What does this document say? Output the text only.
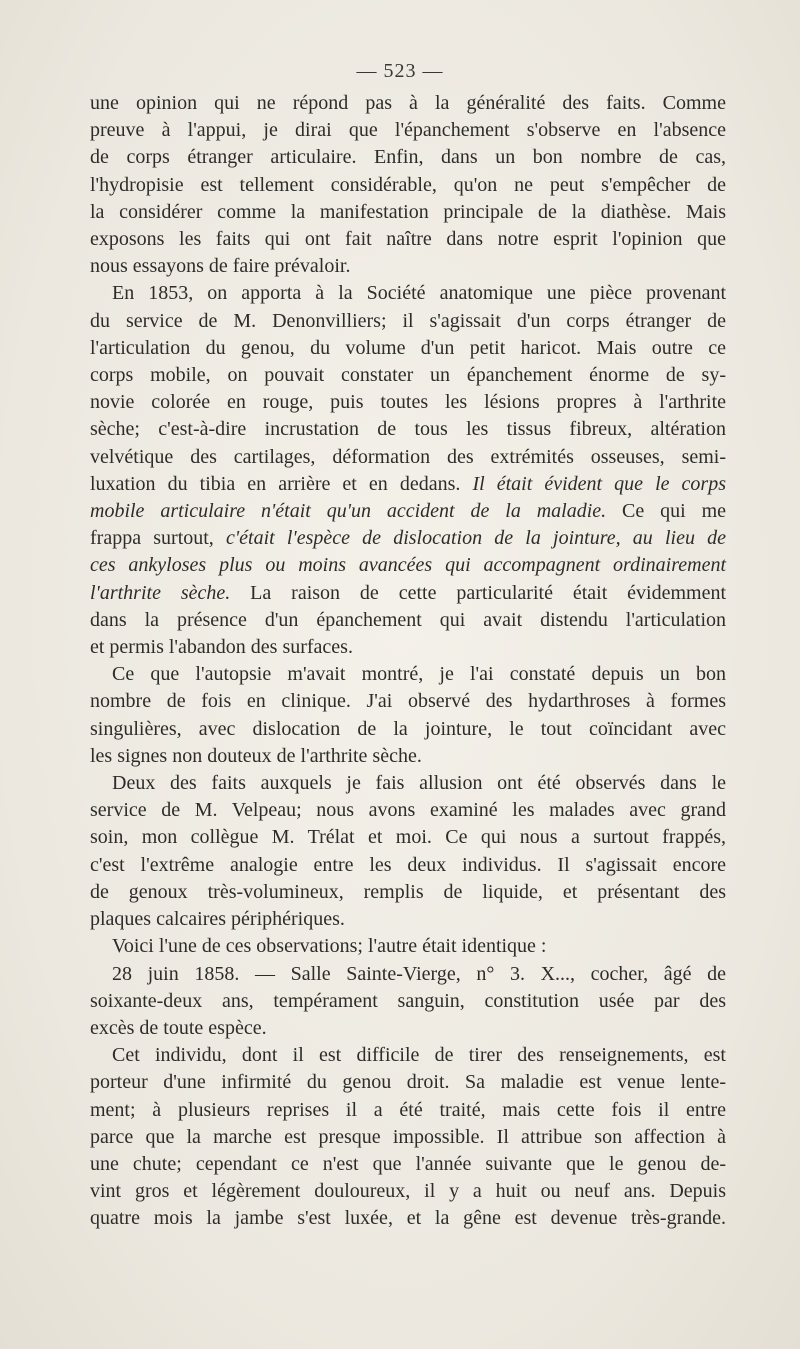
— 523 —

une opinion qui ne répond pas à la généralité des faits. Comme

preuve à l'appui, je dirai que l'épanchement s'observe en l'absence

de corps étranger articulaire. Enfin, dans un bon nombre de cas,

l'hydropisie est tellement considérable, qu'on ne peut s'empêcher de

la considérer comme la manifestation principale de la diathèse. Mais

exposons les faits qui ont fait naître dans notre esprit l'opinion que

nous essayons de faire prévaloir.

En 1853, on apporta à la Société anatomique une pièce provenant

du service de M. Denonvilliers; il s'agissait d'un corps étranger de

l'articulation du genou, du volume d'un petit haricot. Mais outre ce

corps mobile, on pouvait constater un épanchement énorme de sy-

novie colorée en rouge, puis toutes les lésions propres à l'arthrite

sèche; c'est-à-dire incrustation de tous les tissus fibreux, altération

velvétique des cartilages, déformation des extrémités osseuses, semi-

luxation du tibia en arrière et en dedans. Il était évident que le corps

mobile articulaire n'était qu'un accident de la maladie. Ce qui me

frappa surtout, c'était l'espèce de dislocation de la jointure, au lieu de

ces ankyloses plus ou moins avancées qui accompagnent ordinairement

l'arthrite sèche. La raison de cette particularité était évidemment

dans la présence d'un épanchement qui avait distendu l'articulation

et permis l'abandon des surfaces.

Ce que l'autopsie m'avait montré, je l'ai constaté depuis un bon

nombre de fois en clinique. J'ai observé des hydarthroses à formes

singulières, avec dislocation de la jointure, le tout coïncidant avec

les signes non douteux de l'arthrite sèche.

Deux des faits auxquels je fais allusion ont été observés dans le

service de M. Velpeau; nous avons examiné les malades avec grand

soin, mon collègue M. Trélat et moi. Ce qui nous a surtout frappés,

c'est l'extrême analogie entre les deux individus. Il s'agissait encore

de genoux très-volumineux, remplis de liquide, et présentant des

plaques calcaires périphériques.

Voici l'une de ces observations; l'autre était identique :

28 juin 1858. — Salle Sainte-Vierge, n° 3. X..., cocher, âgé de

soixante-deux ans, tempérament sanguin, constitution usée par des

excès de toute espèce.

Cet individu, dont il est difficile de tirer des renseignements, est

porteur d'une infirmité du genou droit. Sa maladie est venue lente-

ment; à plusieurs reprises il a été traité, mais cette fois il entre

parce que la marche est presque impossible. Il attribue son affection à

une chute; cependant ce n'est que l'année suivante que le genou de-

vint gros et légèrement douloureux, il y a huit ou neuf ans. Depuis

quatre mois la jambe s'est luxée, et la gêne est devenue très-grande.
